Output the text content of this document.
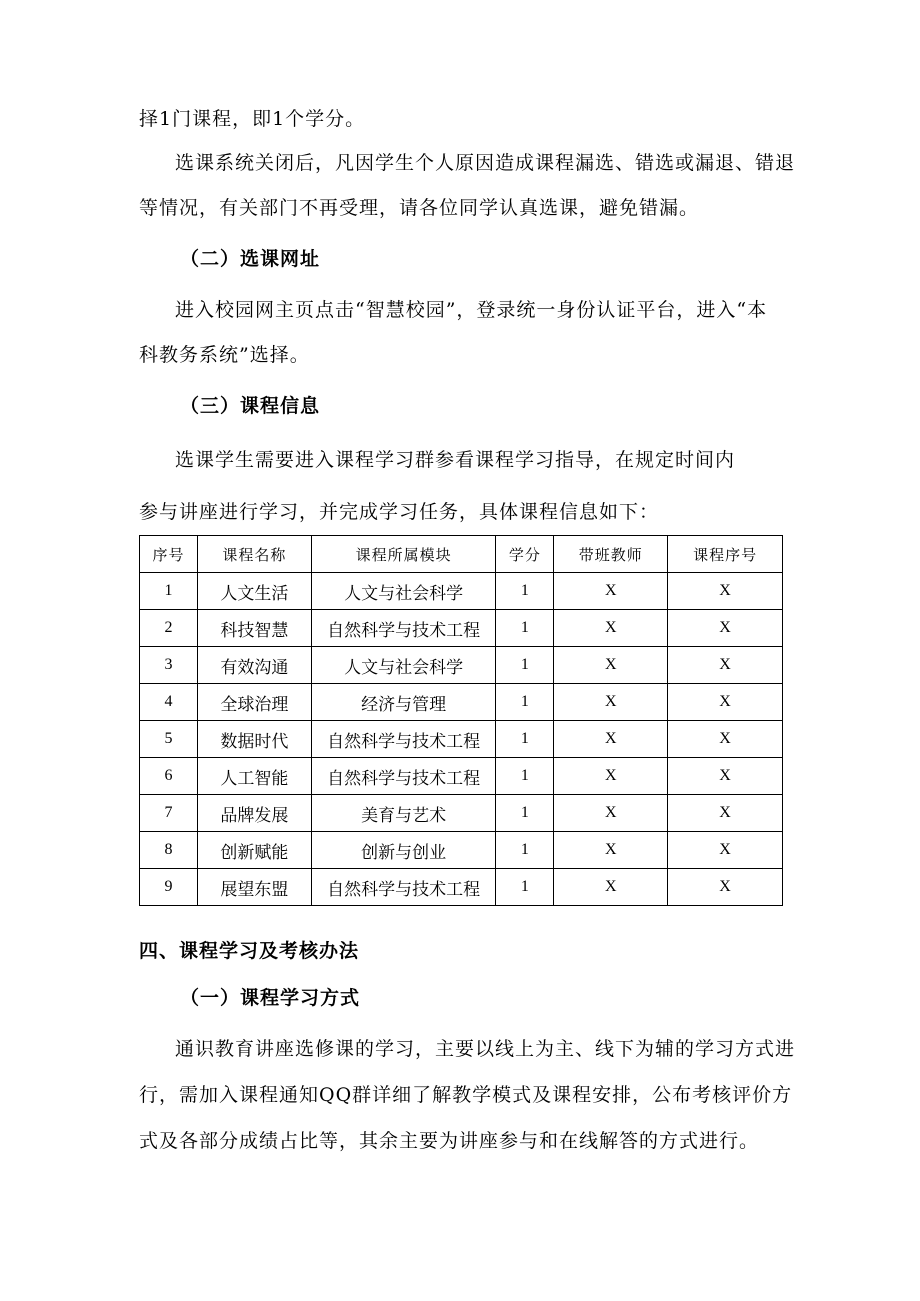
择1门课程，即1个学分。
选课系统关闭后，凡因学生个人原因造成课程漏选、错选或漏退、错退
等情况，有关部门不再受理，请各位同学认真选课，避免错漏。
（二）选课网址
进入校园网主页点击“智慧校园”，登录统一身份认证平台，进入“本
科教务系统”选择。
（三）课程信息
选课学生需要进入课程学习群参看课程学习指导，在规定时间内
参与讲座进行学习，并完成学习任务，具体课程信息如下：
序号	课程名称	课程所属模块	学分	带班教师	课程序号
1	人文生活	人文与社会科学	1	X	X
2	科技智慧	自然科学与技术工程	1	X	X
3	有效沟通	人文与社会科学	1	X	X
4	全球治理	经济与管理	1	X	X
5	数据时代	自然科学与技术工程	1	X	X
6	人工智能	自然科学与技术工程	1	X	X
7	品牌发展	美育与艺术	1	X	X
8	创新赋能	创新与创业	1	X	X
9	展望东盟	自然科学与技术工程	1	X	X
四、课程学习及考核办法
（一）课程学习方式
通识教育讲座选修课的学习，主要以线上为主、线下为辅的学习方式进
行，需加入课程通知QQ群详细了解教学模式及课程安排，公布考核评价方
式及各部分成绩占比等，其余主要为讲座参与和在线解答的方式进行。
